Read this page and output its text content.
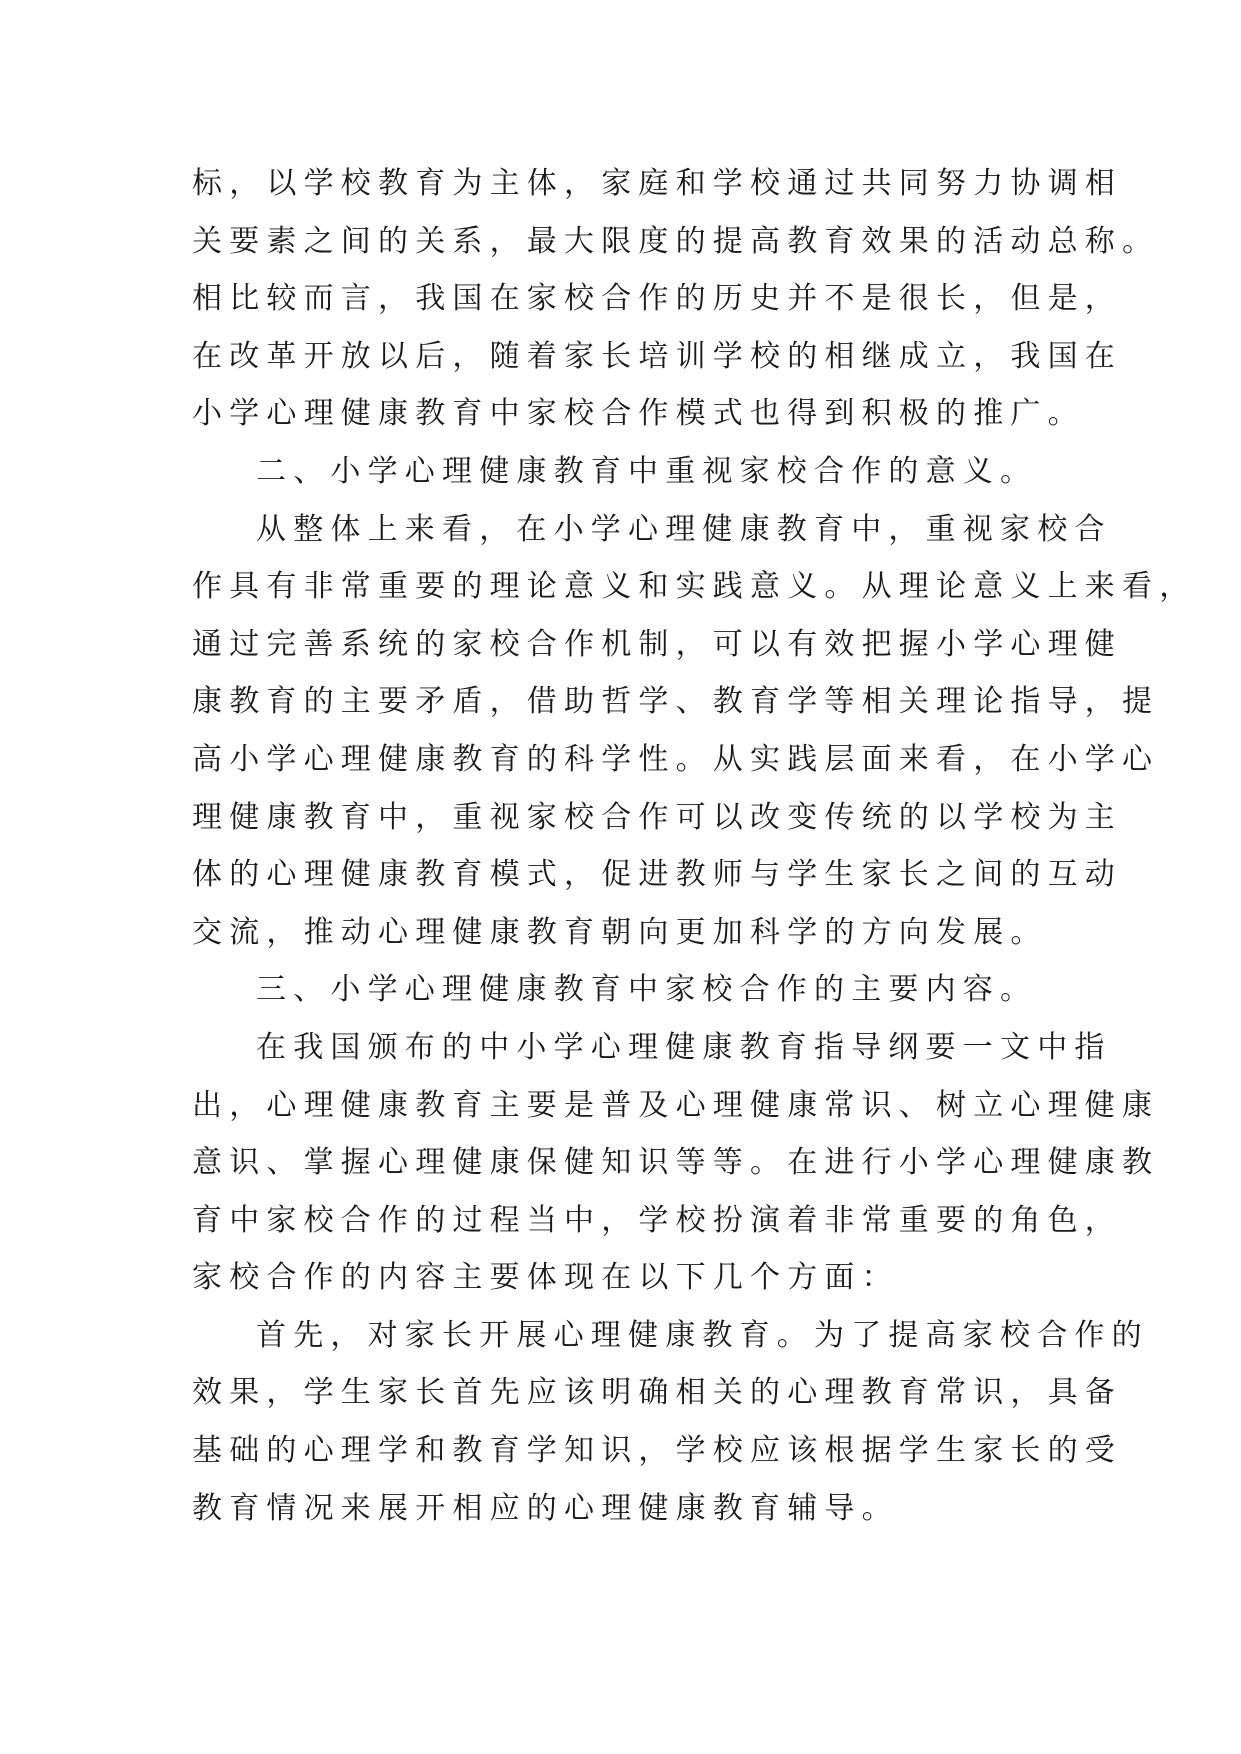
标，以学校教育为主体，家庭和学校通过共同努力协调相
关要素之间的关系，最大限度的提高教育效果的活动总称。
相比较而言，我国在家校合作的历史并不是很长，但是，
在改革开放以后，随着家长培训学校的相继成立，我国在
小学心理健康教育中家校合作模式也得到积极的推广。
二、小学心理健康教育中重视家校合作的意义。
从整体上来看，在小学心理健康教育中，重视家校合
作具有非常重要的理论意义和实践意义。从理论意义上来看，
通过完善系统的家校合作机制，可以有效把握小学心理健
康教育的主要矛盾，借助哲学、教育学等相关理论指导，提
高小学心理健康教育的科学性。从实践层面来看，在小学心
理健康教育中，重视家校合作可以改变传统的以学校为主
体的心理健康教育模式，促进教师与学生家长之间的互动
交流，推动心理健康教育朝向更加科学的方向发展。
三、小学心理健康教育中家校合作的主要内容。
在我国颁布的中小学心理健康教育指导纲要一文中指
出，心理健康教育主要是普及心理健康常识、树立心理健康
意识、掌握心理健康保健知识等等。在进行小学心理健康教
育中家校合作的过程当中，学校扮演着非常重要的角色，
家校合作的内容主要体现在以下几个方面：
首先，对家长开展心理健康教育。为了提高家校合作的
效果，学生家长首先应该明确相关的心理教育常识，具备
基础的心理学和教育学知识，学校应该根据学生家长的受
教育情况来展开相应的心理健康教育辅导。
